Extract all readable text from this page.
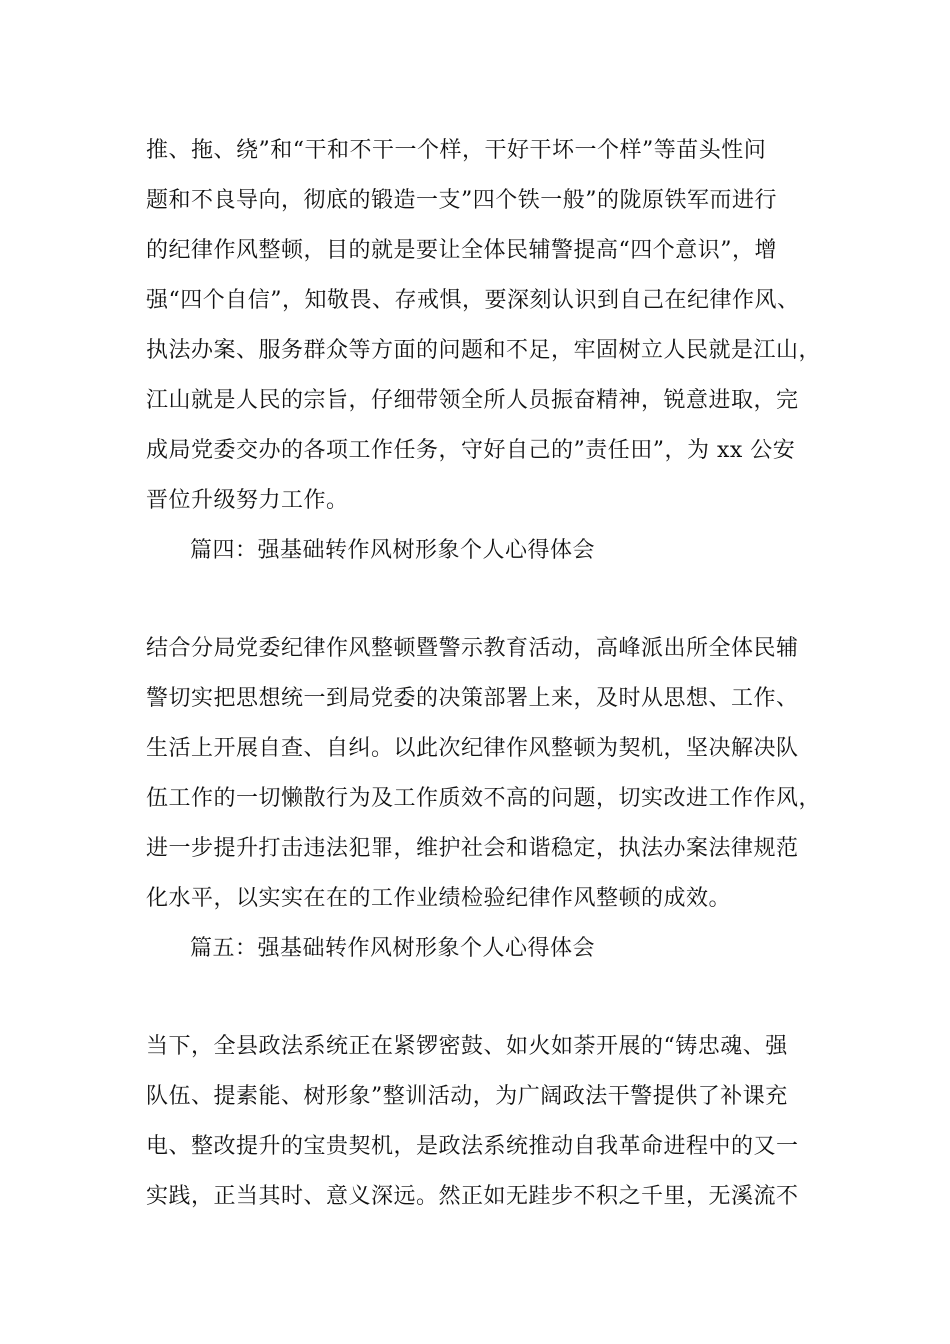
推、拖、绕”和“干和不干一个样，干好干坏一个样”等苗头性问
题和不良导向，彻底的锻造一支”四个铁一般”的陇原铁军而进行
的纪律作风整顿，目的就是要让全体民辅警提高“四个意识”，增
强“四个自信”，知敬畏、存戒惧，要深刻认识到自己在纪律作风、
执法办案、服务群众等方面的问题和不足，牢固树立人民就是江山，
江山就是人民的宗旨，仔细带领全所人员振奋精神，锐意进取，完
成局党委交办的各项工作任务，守好自己的”责任田”，为 xx 公安
晋位升级努力工作。
篇四：强基础转作风树形象个人心得体会
结合分局党委纪律作风整顿暨警示教育活动，高峰派出所全体民辅
警切实把思想统一到局党委的决策部署上来，及时从思想、工作、
生活上开展自查、自纠。以此次纪律作风整顿为契机，坚决解决队
伍工作的一切懒散行为及工作质效不高的问题，切实改进工作作风，
进一步提升打击违法犯罪，维护社会和谐稳定，执法办案法律规范
化水平，以实实在在的工作业绩检验纪律作风整顿的成效。
篇五：强基础转作风树形象个人心得体会
当下，全县政法系统正在紧锣密鼓、如火如荼开展的“铸忠魂、强
队伍、提素能、树形象”整训活动，为广阔政法干警提供了补课充
电、整改提升的宝贵契机，是政法系统推动自我革命进程中的又一
实践，正当其时、意义深远。然正如无跬步不积之千里，无溪流不
